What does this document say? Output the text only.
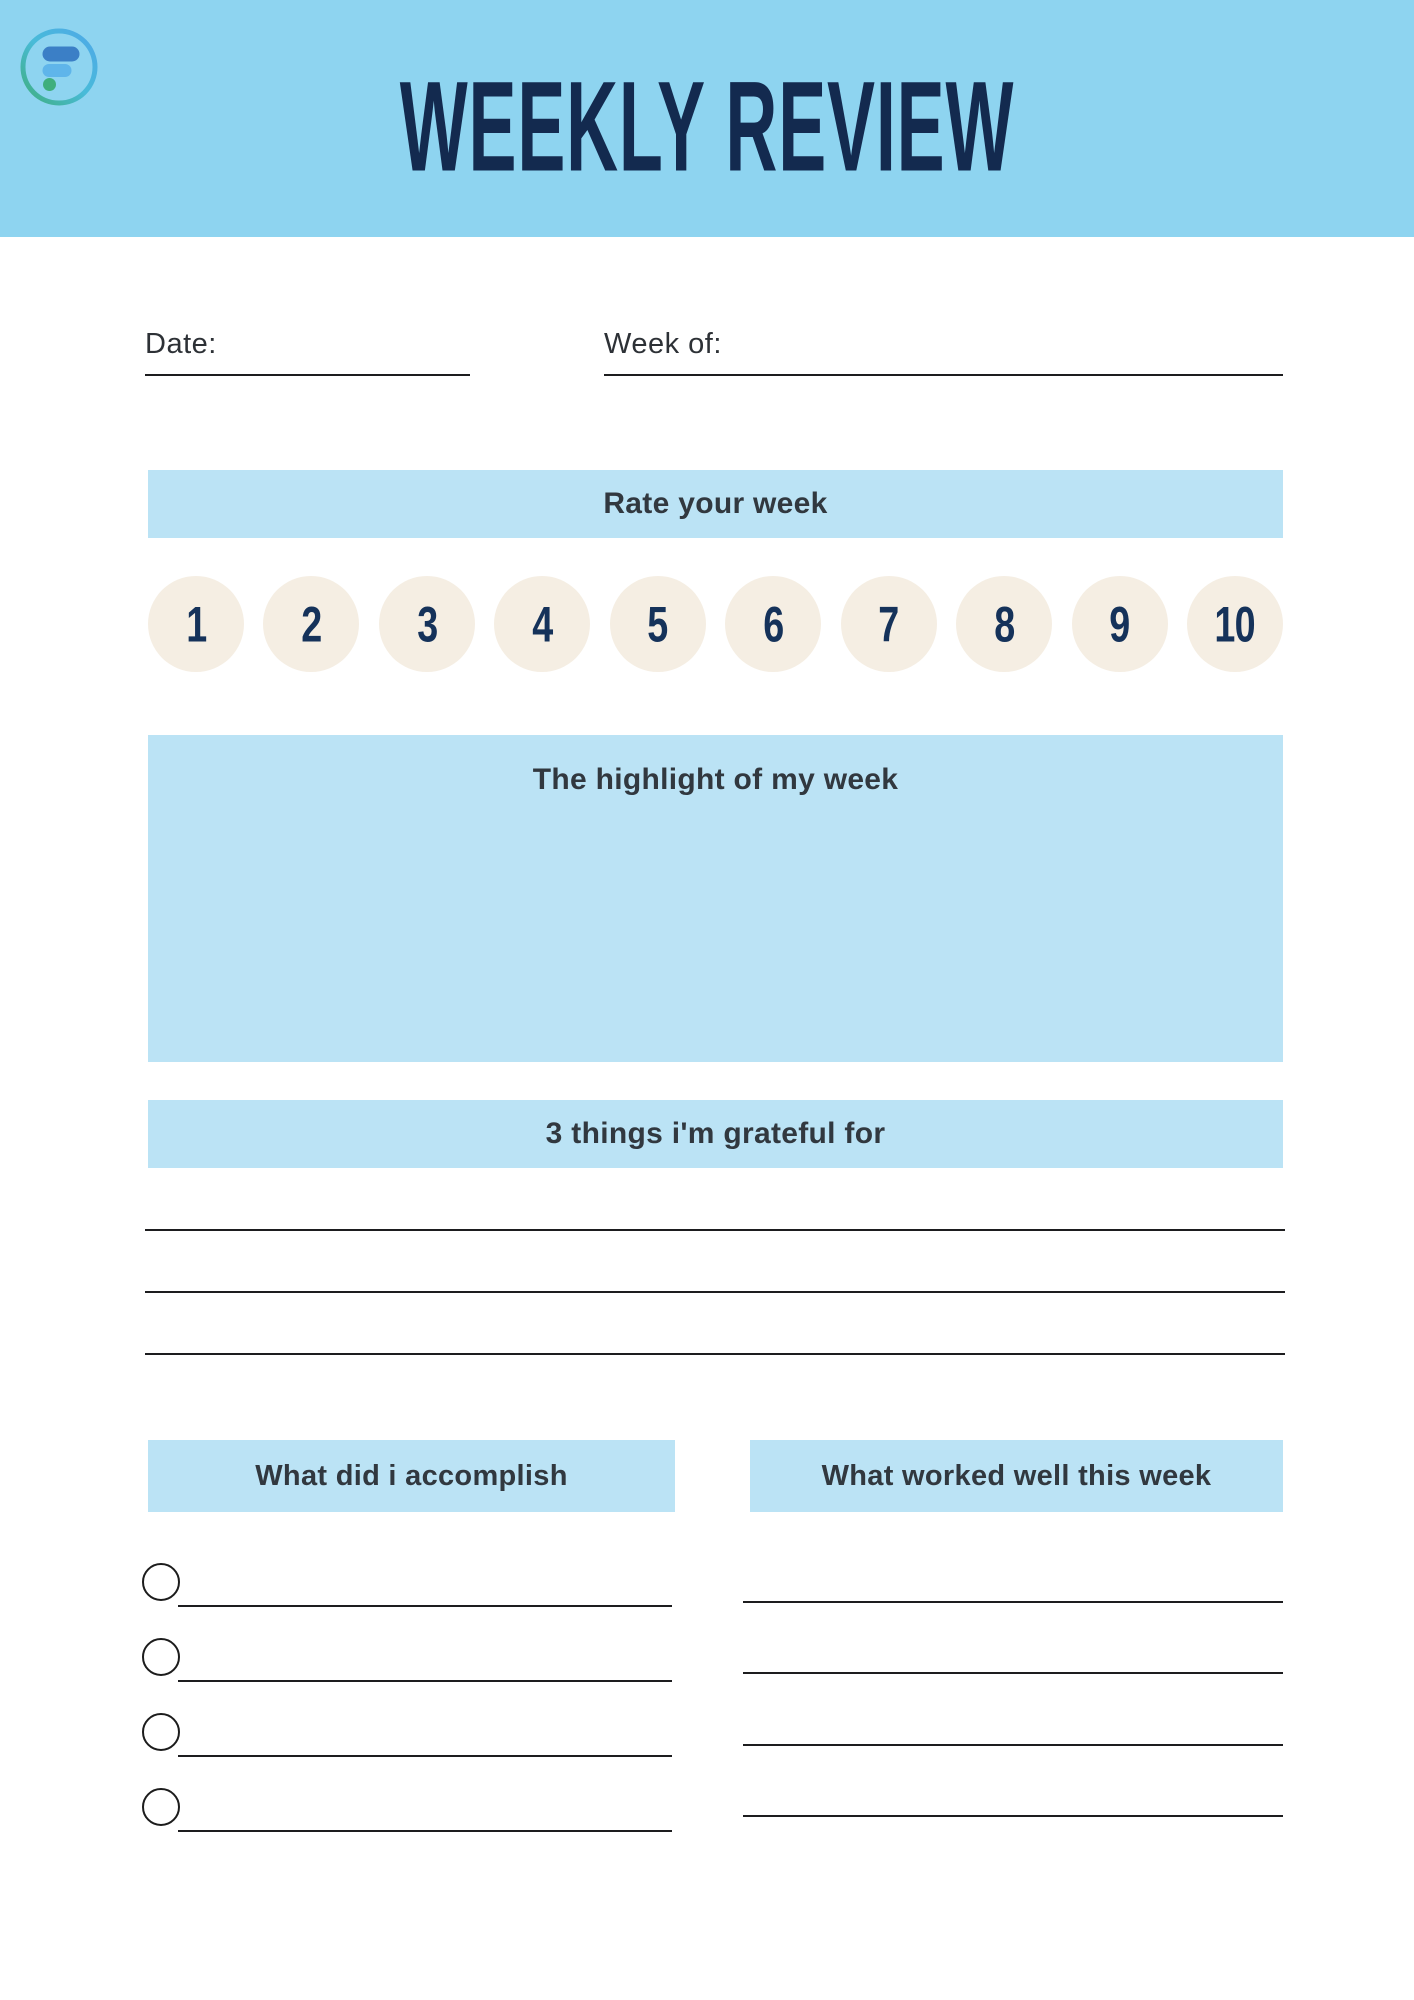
WEEKLY REVIEW
Date:	Week of:
Rate your week
1 2 3 4 5 6 7 8 9 10
The highlight of my week
3 things i'm grateful for
What did i accomplish	What worked well this week
